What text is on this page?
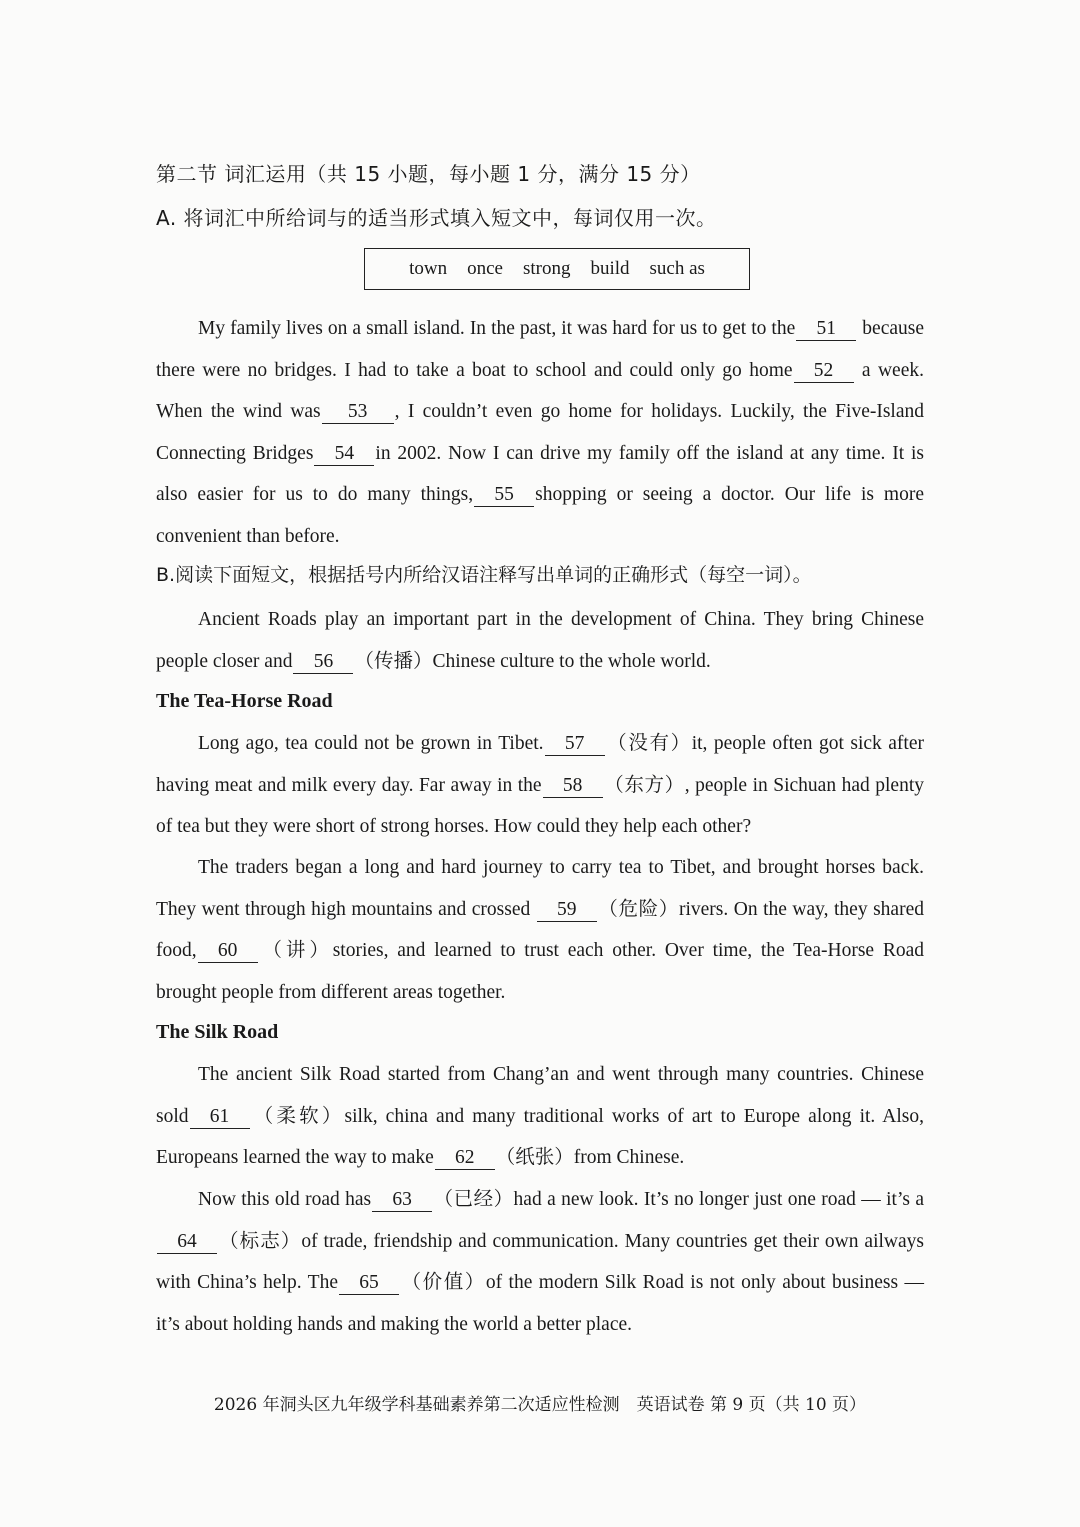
第二节 词汇运用（共 15 小题，每小题 1 分，满分 15 分）
A. 将词汇中所给词与的适当形式填入短文中，每词仅用一次。
town once strong build such as
My family lives on a small island. In the past, it was hard for us to get to the 51 because there were no bridges. I had to take a boat to school and could only go home 52 a week. When the wind was 53 , I couldn’t even go home for holidays. Luckily, the Five-Island Connecting Bridges 54 in 2002. Now I can drive my family off the island at any time. It is also easier for us to do many things, 55 shopping or seeing a doctor. Our life is more convenient than before.
B.阅读下面短文，根据括号内所给汉语注释写出单词的正确形式（每空一词）。
Ancient Roads play an important part in the development of China. They bring Chinese people closer and 56 （传播）Chinese culture to the whole world.
The Tea-Horse Road
Long ago, tea could not be grown in Tibet. 57 （没有）it, people often got sick after having meat and milk every day. Far away in the 58 （东方）, people in Sichuan had plenty of tea but they were short of strong horses. How could they help each other?
The traders began a long and hard journey to carry tea to Tibet, and brought horses back. They went through high mountains and crossed 59 （危险）rivers. On the way, they shared food, 60 （讲）stories, and learned to trust each other. Over time, the Tea-Horse Road brought people from different areas together.
The Silk Road
The ancient Silk Road started from Chang’an and went through many countries. Chinese sold 61 （柔软）silk, china and many traditional works of art to Europe along it. Also, Europeans learned the way to make 62 （纸张）from Chinese.
Now this old road has 63 （已经）had a new look. It’s no longer just one road — it’s a64 （标志）of trade, friendship and communication. Many countries get their own ailways with China’s help. The 65 （价值）of the modern Silk Road is not only about business — it’s about holding hands and making the world a better place.
2026 年洞头区九年级学科基础素养第二次适应性检测　英语试卷 第 9 页（共 10 页）
